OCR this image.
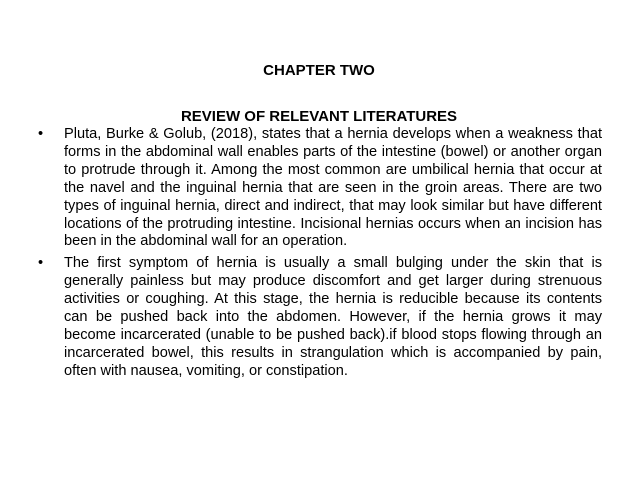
CHAPTER TWO
REVIEW OF RELEVANT LITERATURES
• Pluta, Burke & Golub, (2018), states that a hernia develops when a weakness that forms in the abdominal wall enables parts of the intestine (bowel) or another organ to protrude through it. Among the most common are umbilical hernia that occur at the navel and the inguinal hernia that are seen in the groin areas. There are two types of inguinal hernia, direct and indirect, that may look similar but have different locations of the protruding intestine. Incisional hernias occurs when an incision has been in the abdominal wall for an operation.
• The first symptom of hernia is usually a small bulging under the skin that is generally painless but may produce discomfort and get larger during strenuous activities or coughing. At this stage, the hernia is reducible because its contents can be pushed back into the abdomen. However, if the hernia grows it may become incarcerated (unable to be pushed back).if blood stops flowing through an incarcerated bowel, this results in strangulation which is accompanied by pain, often with nausea, vomiting, or constipation.
